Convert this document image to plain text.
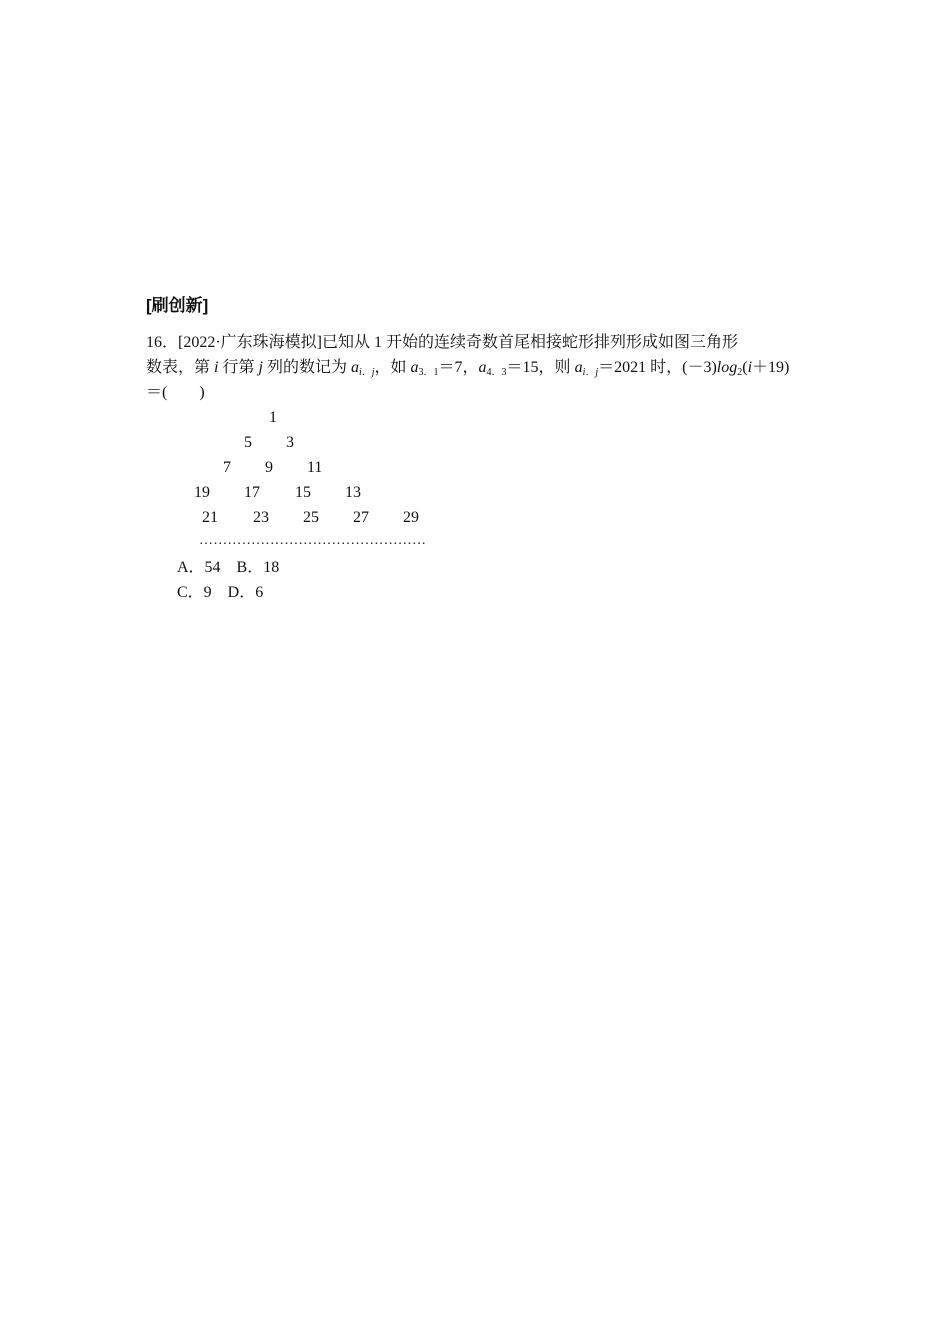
[刷创新]
16．[2022·广东珠海模拟]已知从 1 开始的连续奇数首尾相接蛇形排列形成如图三角形
数表，第 i 行第 j 列的数记为 $a_{i.j}$，如 $a_{3.1}=7$，$a_{4.3}=15$，则 $a_{i.j}=2021$ 时，$(-3)\log_2(i+19)$
＝(　　)
1
5 3
7 9 11
19 17 15 13
21 23 25 27 29
…………………………………………
A．54　B．18
C．9　D．6
